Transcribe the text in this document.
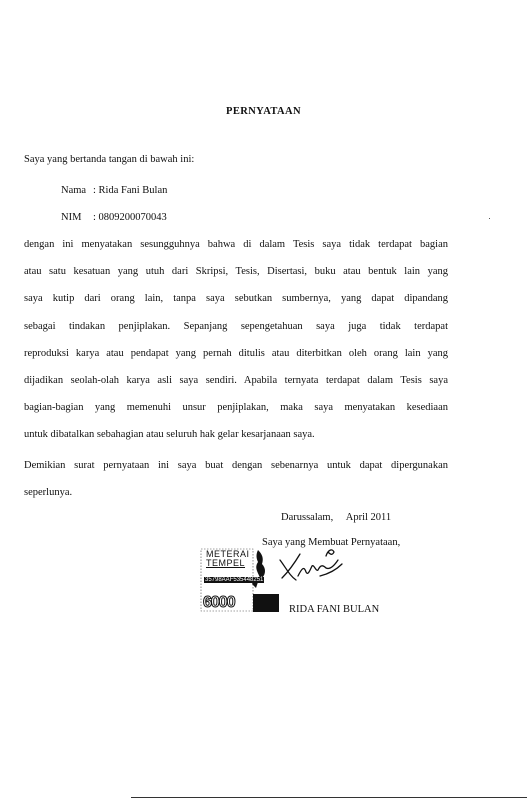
PERNYATAAN
Saya yang bertanda tangan di bawah ini:
Nama : Rida Fani Bulan
NIM : 0809200070043
dengan ini menyatakan sesungguhnya bahwa di dalam Tesis saya tidak terdapat bagian
atau satu kesatuan yang utuh dari Skripsi, Tesis, Disertasi, buku atau bentuk lain yang
saya kutip dari orang lain, tanpa saya sebutkan sumbernya, yang dapat dipandang
sebagai tindakan penjiplakan. Sepanjang sepengetahuan saya juga tidak terdapat
reproduksi karya atau pendapat yang pernah ditulis atau diterbitkan oleh orang lain yang
dijadikan seolah-olah karya asli saya sendiri. Apabila ternyata terdapat dalam Tesis saya
bagian-bagian yang memenuhi unsur penjiplakan, maka saya menyatakan kesediaan
untuk dibatalkan sebahagian atau seluruh hak gelar kesarjanaan saya.
Demikian surat pernyataan ini saya buat dengan sebenarnya untuk dapat dipergunakan
seperlunya.
Darussalam,     April 2011
Saya yang Membuat Pernyataan,
METERAI
TEMPEL
35798AAF535448251
6000	RIDA FANI BULAN
